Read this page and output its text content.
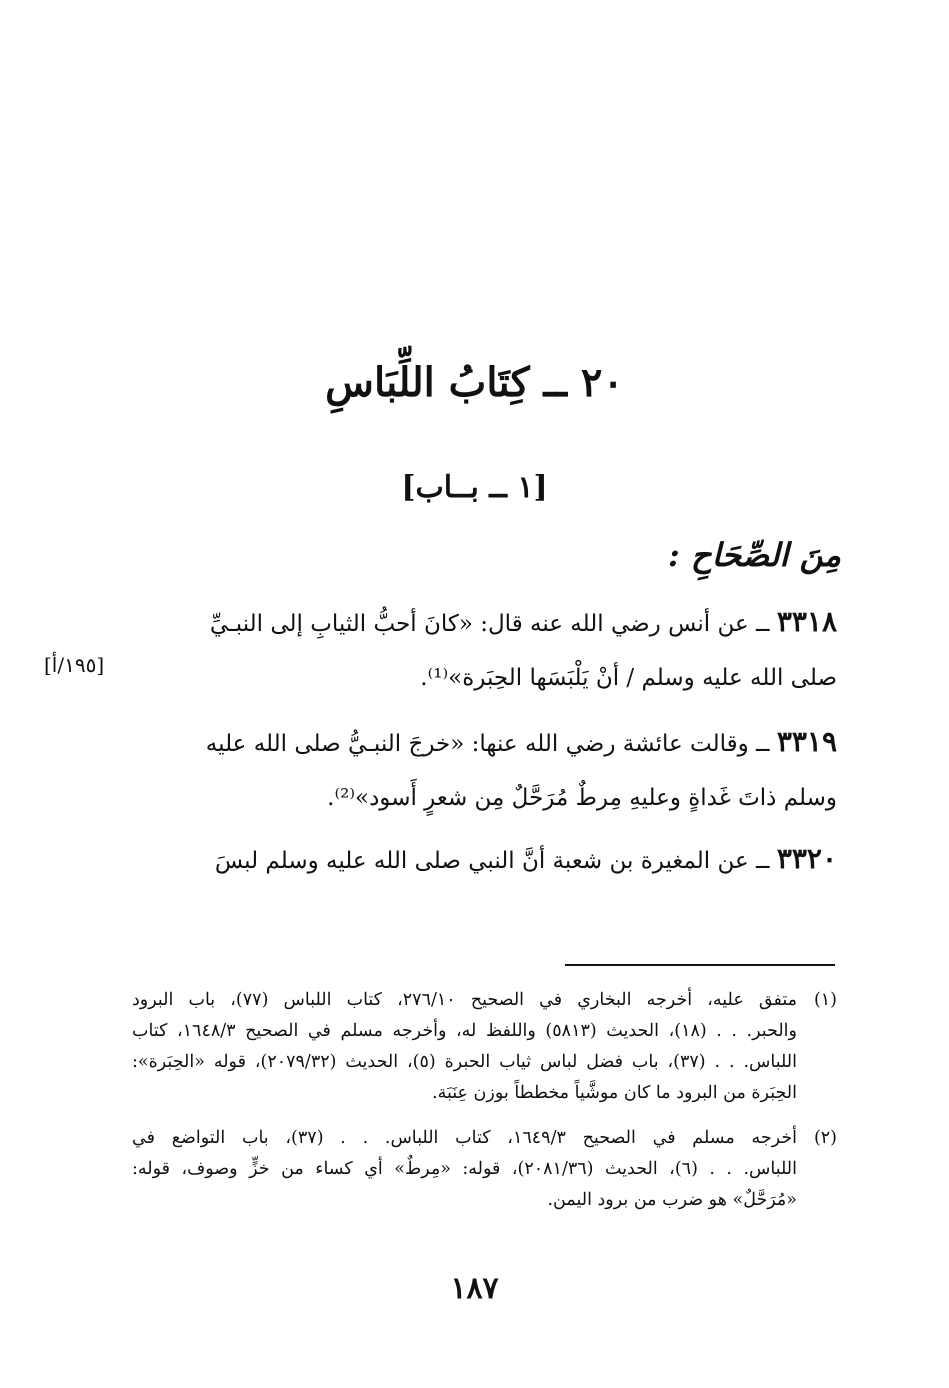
٢٠ ــ كِتَابُ اللِّبَاسِ
[١ ــ بــاب]
مِنَ الصِّحَاحِ :
[١٩٥/أ]
٣٣١٨ ــ عن أنس رضي الله عنه قال: «كانَ أحبُّ الثيابِ إلى النبـيِّ
صلى الله عليه وسلم / أنْ يَلْبَسَها الحِبَرة»⁽¹⁾.
٣٣١٩ ــ وقالت عائشة رضي الله عنها: «خرجَ النبـيُّ صلى الله عليه
وسلم ذاتَ غَداةٍ وعليهِ مِرطٌ مُرَحَّلٌ مِن شعرٍ أَسود»⁽²⁾.
٣٣٢٠ ــ عن المغيرة بن شعبة أنَّ النبي صلى الله عليه وسلم لبسَ
(١)
متفق عليه، أخرجه البخاري في الصحيح ٢٧٦/١٠، كتاب اللباس (٧٧)، باب البرود
والحبر. . . (١٨)، الحديث (٥٨١٣) واللفظ له، وأخرجه مسلم في الصحيح ١٦٤٨/٣، كتاب
اللباس. . . (٣٧)، باب فضل لباس ثياب الحبرة (٥)، الحديث (٢٠٧٩/٣٢)، قوله «الحِبَرة»:
الحِبَرة من البرود ما كان موشَّياً مخططاً بوزن عِنَبَة.
(٢)
أخرجه مسلم في الصحيح ١٦٤٩/٣، كتاب اللباس. . . (٣٧)، باب التواضع في
اللباس. . . (٦)، الحديث (٢٠٨١/٣٦)، قوله: «مِرطٌ» أي كساء من خزٍّ وصوف، قوله:
«مُرَحَّلٌ» هو ضرب من برود اليمن.
١٨٧
